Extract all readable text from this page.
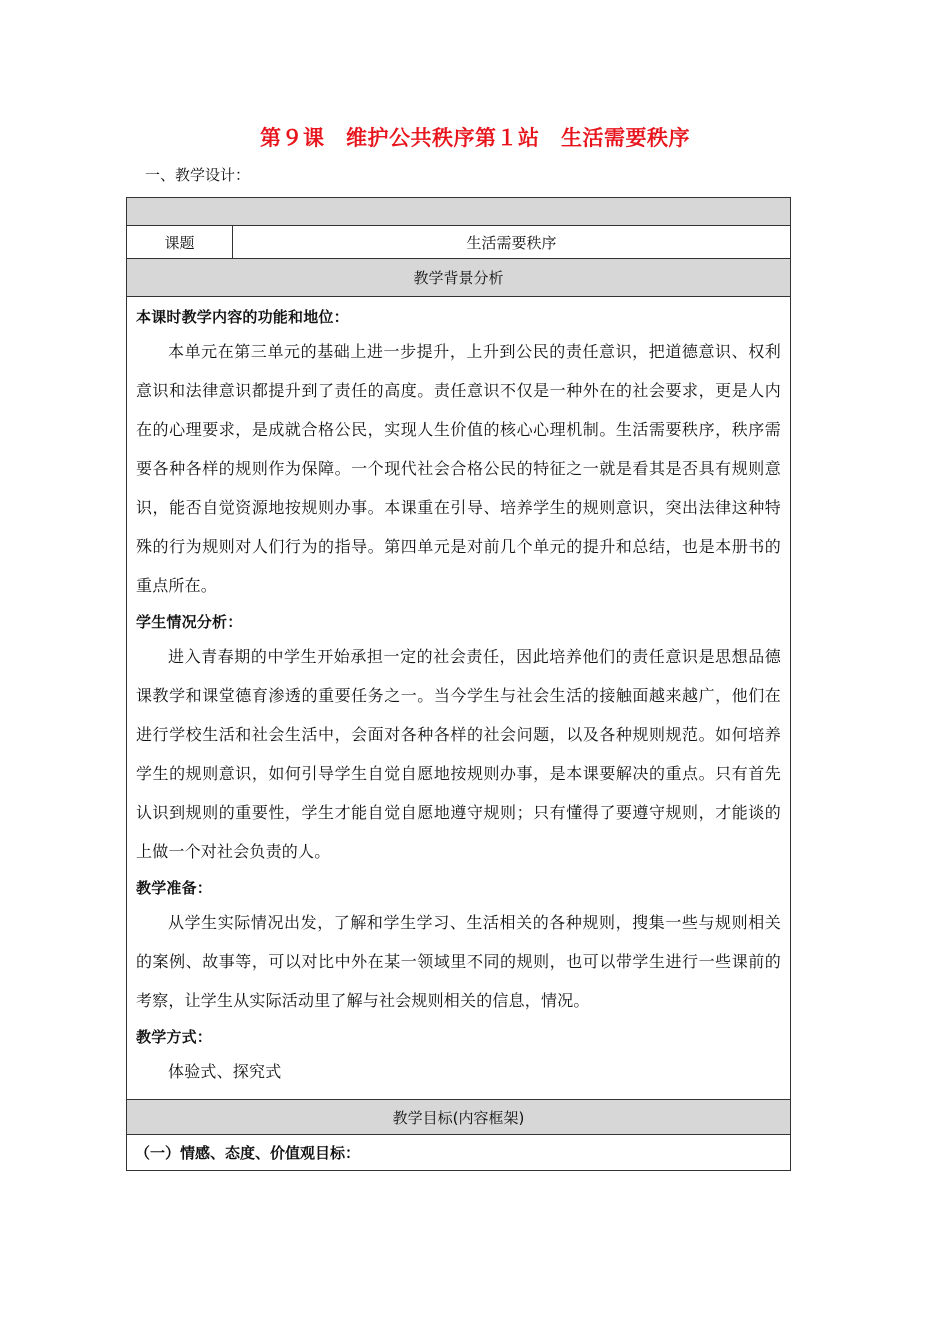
第９课　维护公共秩序第１站　生活需要秩序
一、教学设计：

课题	生活需要秩序
教学背景分析

本课时教学内容的功能和地位：
本单元在第三单元的基础上进一步提升，上升到公民的责任意识，把道德意识、权利意识和法律意识都提升到了责任的高度。责任意识不仅是一种外在的社会要求，更是人内在的心理要求，是成就合格公民，实现人生价值的核心心理机制。生活需要秩序，秩序需要各种各样的规则作为保障。一个现代社会合格公民的特征之一就是看其是否具有规则意识，能否自觉资源地按规则办事。本课重在引导、培养学生的规则意识，突出法律这种特殊的行为规则对人们行为的指导。第四单元是对前几个单元的提升和总结，也是本册书的重点所在。
学生情况分析：
进入青春期的中学生开始承担一定的社会责任，因此培养他们的责任意识是思想品德课教学和课堂德育渗透的重要任务之一。当今学生与社会生活的接触面越来越广，他们在进行学校生活和社会生活中，会面对各种各样的社会问题，以及各种规则规范。如何培养学生的规则意识，如何引导学生自觉自愿地按规则办事，是本课要解决的重点。只有首先认识到规则的重要性，学生才能自觉自愿地遵守规则；只有懂得了要遵守规则，才能谈的上做一个对社会负责的人。
教学准备：
从学生实际情况出发，了解和学生学习、生活相关的各种规则，搜集一些与规则相关的案例、故事等，可以对比中外在某一领域里不同的规则，也可以带学生进行一些课前的考察，让学生从实际活动里了解与社会规则相关的信息，情况。
教学方式：
体验式、探究式

教学目标(内容框架)
（一）情感、态度、价值观目标：
